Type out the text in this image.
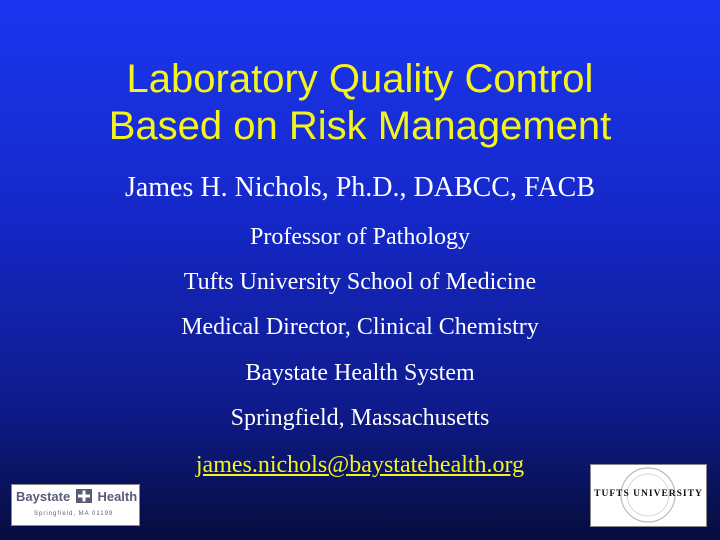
Laboratory Quality Control
Based on Risk Management
James H. Nichols, Ph.D., DABCC, FACB
Professor of Pathology
Tufts University School of Medicine
Medical Director, Clinical Chemistry
Baystate Health System
Springfield, Massachusetts
james.nichols@baystatehealth.org
Baystate Health
Springfield, MA 01199
TUFTS UNIVERSITY
